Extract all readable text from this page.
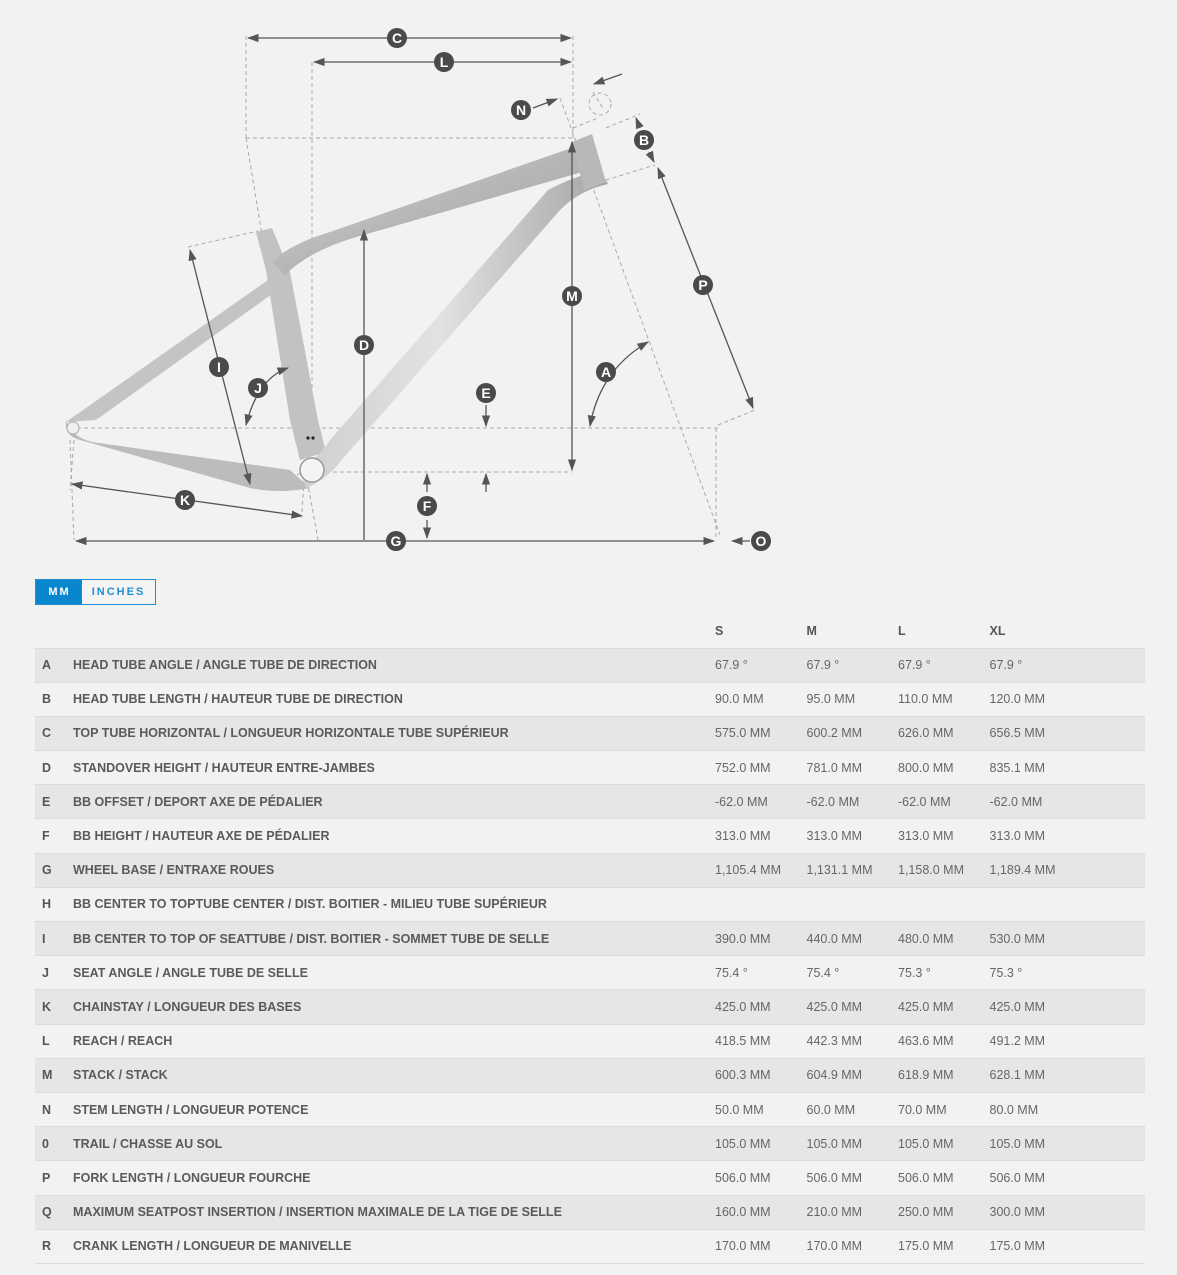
C
L
N
B
P
M
D
I
J
A
E
F
K
G	O
MM	INCHES
		S	M	L	XL
A	HEAD TUBE ANGLE / ANGLE TUBE DE DIRECTION	67.9 °	67.9 °	67.9 °	67.9 °
B	HEAD TUBE LENGTH / HAUTEUR TUBE DE DIRECTION	90.0 MM	95.0 MM	110.0 MM	120.0 MM
C	TOP TUBE HORIZONTAL / LONGUEUR HORIZONTALE TUBE SUPÉRIEUR	575.0 MM	600.2 MM	626.0 MM	656.5 MM
D	STANDOVER HEIGHT / HAUTEUR ENTRE-JAMBES	752.0 MM	781.0 MM	800.0 MM	835.1 MM
E	BB OFFSET / DEPORT AXE DE PÉDALIER	-62.0 MM	-62.0 MM	-62.0 MM	-62.0 MM
F	BB HEIGHT / HAUTEUR AXE DE PÉDALIER	313.0 MM	313.0 MM	313.0 MM	313.0 MM
G	WHEEL BASE / ENTRAXE ROUES	1,105.4 MM	1,131.1 MM	1,158.0 MM	1,189.4 MM
H	BB CENTER TO TOPTUBE CENTER / DIST. BOITIER - MILIEU TUBE SUPÉRIEUR				
I	BB CENTER TO TOP OF SEATTUBE / DIST. BOITIER - SOMMET TUBE DE SELLE	390.0 MM	440.0 MM	480.0 MM	530.0 MM
J	SEAT ANGLE / ANGLE TUBE DE SELLE	75.4 °	75.4 °	75.3 °	75.3 °
K	CHAINSTAY / LONGUEUR DES BASES	425.0 MM	425.0 MM	425.0 MM	425.0 MM
L	REACH / REACH	418.5 MM	442.3 MM	463.6 MM	491.2 MM
M	STACK / STACK	600.3 MM	604.9 MM	618.9 MM	628.1 MM
N	STEM LENGTH / LONGUEUR POTENCE	50.0 MM	60.0 MM	70.0 MM	80.0 MM
0	TRAIL / CHASSE AU SOL	105.0 MM	105.0 MM	105.0 MM	105.0 MM
P	FORK LENGTH / LONGUEUR FOURCHE	506.0 MM	506.0 MM	506.0 MM	506.0 MM
Q	MAXIMUM SEATPOST INSERTION / INSERTION MAXIMALE DE LA TIGE DE SELLE	160.0 MM	210.0 MM	250.0 MM	300.0 MM
R	CRANK LENGTH / LONGUEUR DE MANIVELLE	170.0 MM	170.0 MM	175.0 MM	175.0 MM
